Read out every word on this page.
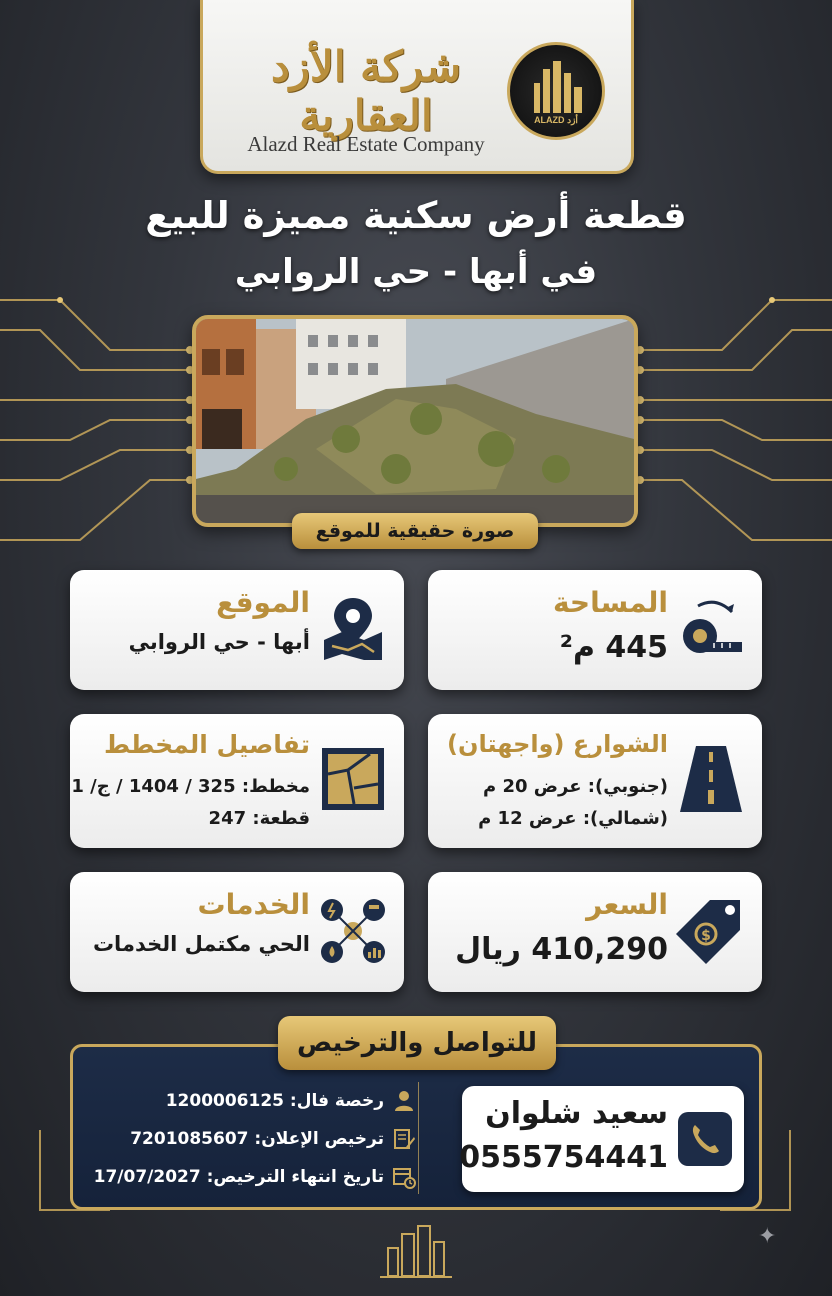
شركة الأزد العقارية
Alazd Real Estate Company
ALAZD أزد
قطعة أرض سكنية مميزة للبيع
في أبها - حي الروابي
صورة حقيقية للموقع
المساحة
445 م²
الموقع
أبها - حي الروابي
الشوارع (واجهتان)
(جنوبي): عرض 20 م
(شمالي): عرض 12 م
تفاصيل المخطط
مخطط: 325 / 1404 / ج/ 1
قطعة: 247
$
السعر
410,290 ريال
الخدمات
الحي مكتمل الخدمات
للتواصل والترخيص
سعيد شلوان
0555754441
رخصة فال: 1200006125
ترخيص الإعلان: 7201085607
تاريخ انتهاء الترخيص: 17/07/2027
✦
